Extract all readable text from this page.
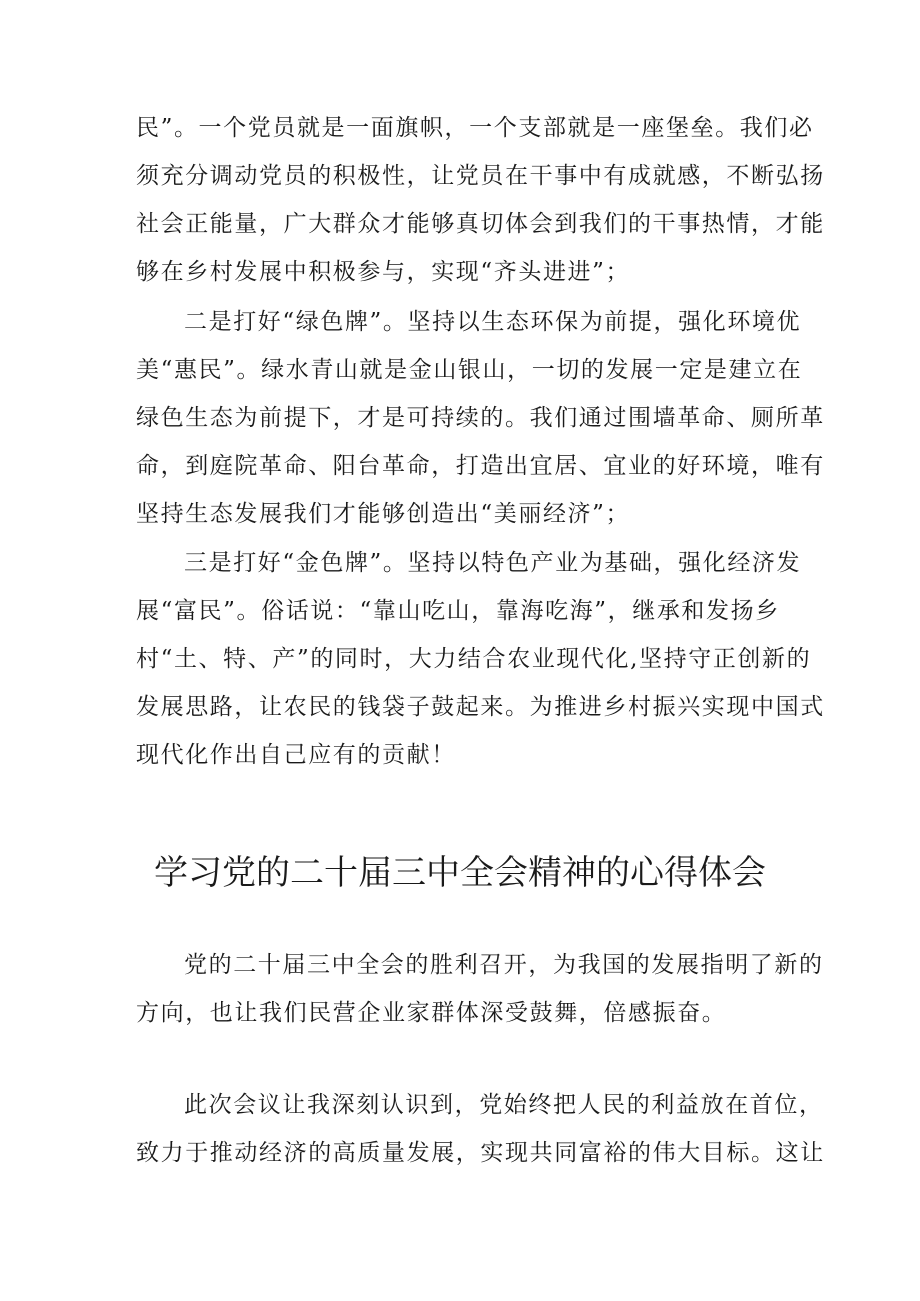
民”。一个党员就是一面旗帜，一个支部就是一座堡垒。我们必
须充分调动党员的积极性，让党员在干事中有成就感，不断弘扬
社会正能量，广大群众才能够真切体会到我们的干事热情，才能
够在乡村发展中积极参与，实现“齐头进进”；
二是打好“绿色牌”。坚持以生态环保为前提，强化环境优
美“惠民”。绿水青山就是金山银山，一切的发展一定是建立在
绿色生态为前提下，才是可持续的。我们通过围墙革命、厕所革
命，到庭院革命、阳台革命，打造出宜居、宜业的好环境，唯有
坚持生态发展我们才能够创造出“美丽经济”；
三是打好“金色牌”。坚持以特色产业为基础，强化经济发
展“富民”。俗话说：“靠山吃山，靠海吃海”，继承和发扬乡
村“土、特、产”的同时，大力结合农业现代化,坚持守正创新的
发展思路，让农民的钱袋子鼓起来。为推进乡村振兴实现中国式
现代化作出自己应有的贡献！
学习党的二十届三中全会精神的心得体会
党的二十届三中全会的胜利召开，为我国的发展指明了新的
方向，也让我们民营企业家群体深受鼓舞，倍感振奋。
此次会议让我深刻认识到，党始终把人民的利益放在首位，
致力于推动经济的高质量发展，实现共同富裕的伟大目标。这让
